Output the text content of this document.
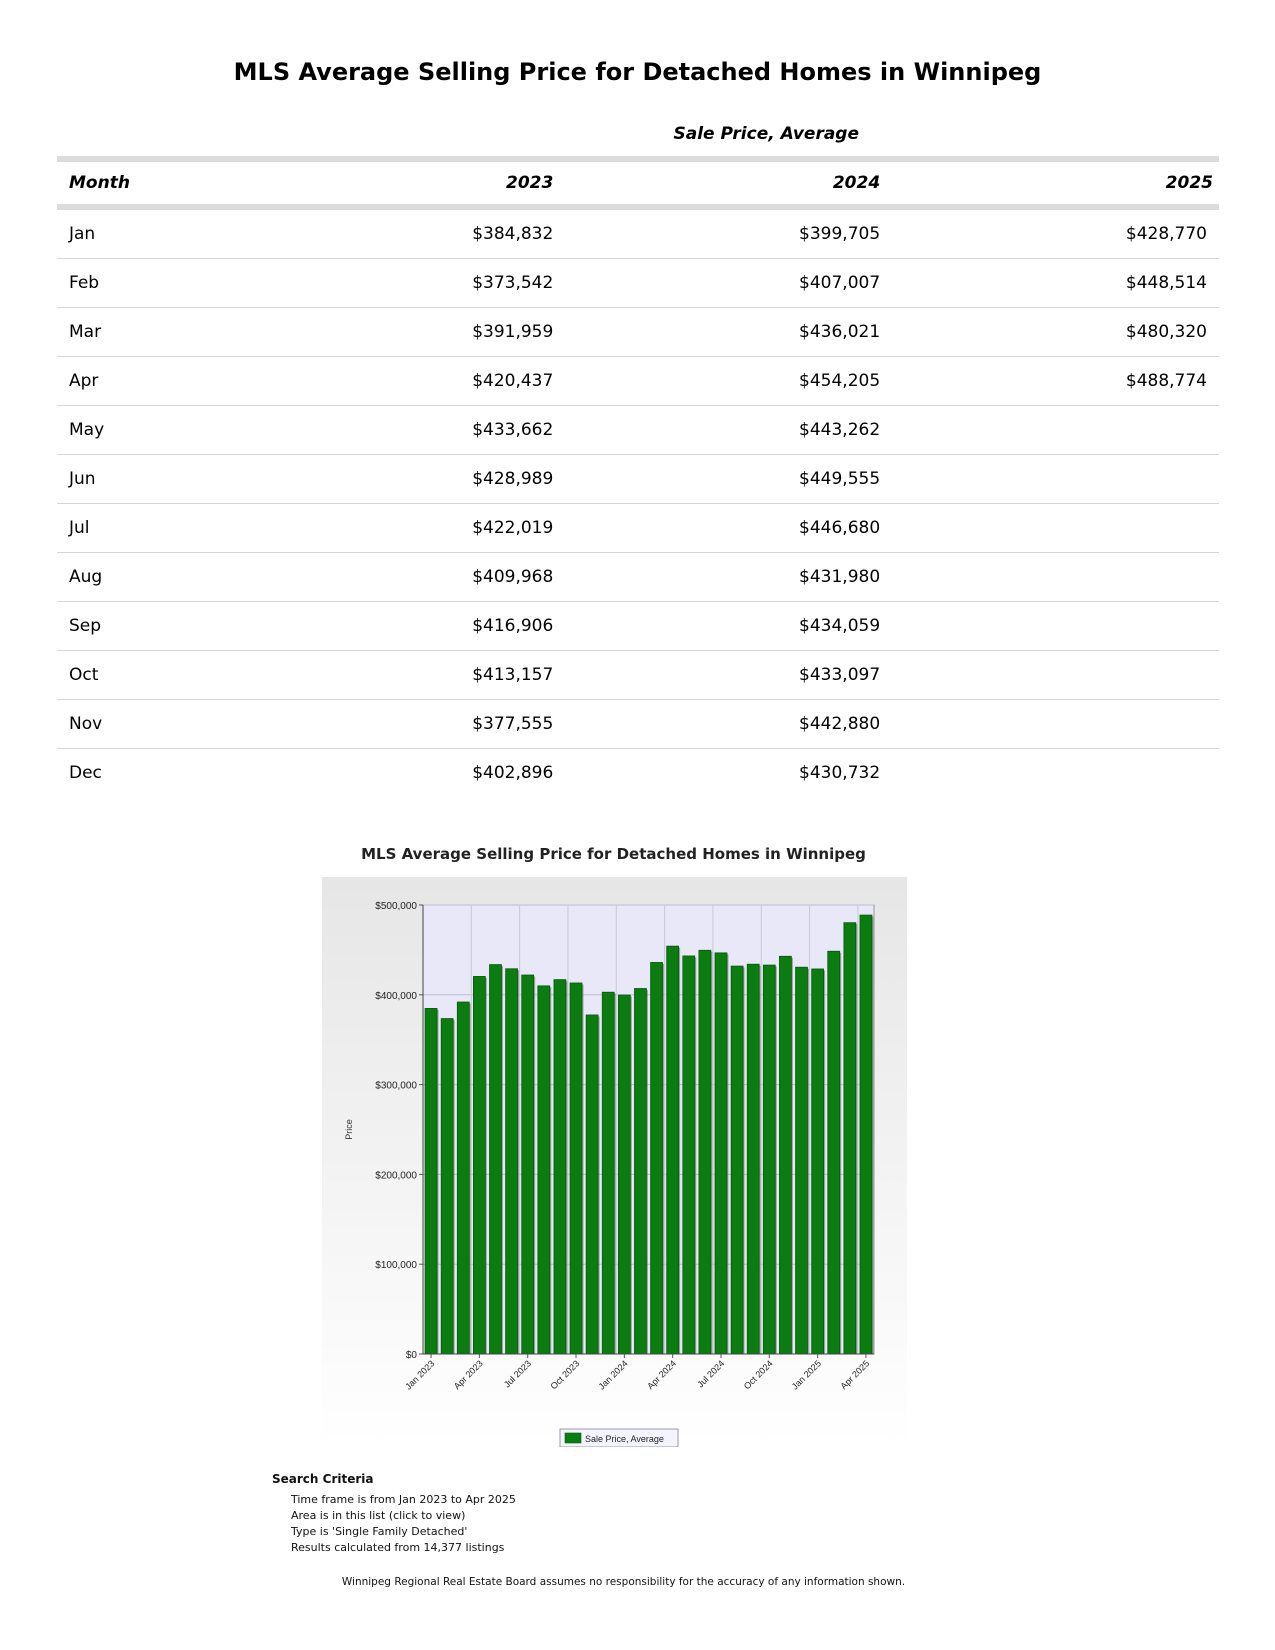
MLS Average Selling Price for Detached Homes in Winnipeg
Sale Price, Average
Month	2023	2024	2025
Jan	$384,832	$399,705	$428,770
Feb	$373,542	$407,007	$448,514
Mar	$391,959	$436,021	$480,320
Apr	$420,437	$454,205	$488,774
May	$433,662	$443,262	
Jun	$428,989	$449,555	
Jul	$422,019	$446,680	
Aug	$409,968	$431,980	
Sep	$416,906	$434,059	
Oct	$413,157	$433,097	
Nov	$377,555	$442,880	
Dec	$402,896	$430,732	
MLS Average Selling Price for Detached Homes in Winnipeg
$0
$100,000
$200,000
$300,000
$400,000
$500,000
Jan 2023 Apr 2023 Jul 2023 Oct 2023 Jan 2024 Apr 2024 Jul 2024 Oct 2024 Jan 2025 Apr 2025
Price
Sale Price, Average
Search Criteria
Time frame is from Jan 2023 to Apr 2025
Area is in this list (click to view)
Type is 'Single Family Detached'
Results calculated from 14,377 listings
Winnipeg Regional Real Estate Board assumes no responsibility for the accuracy of any information shown.
